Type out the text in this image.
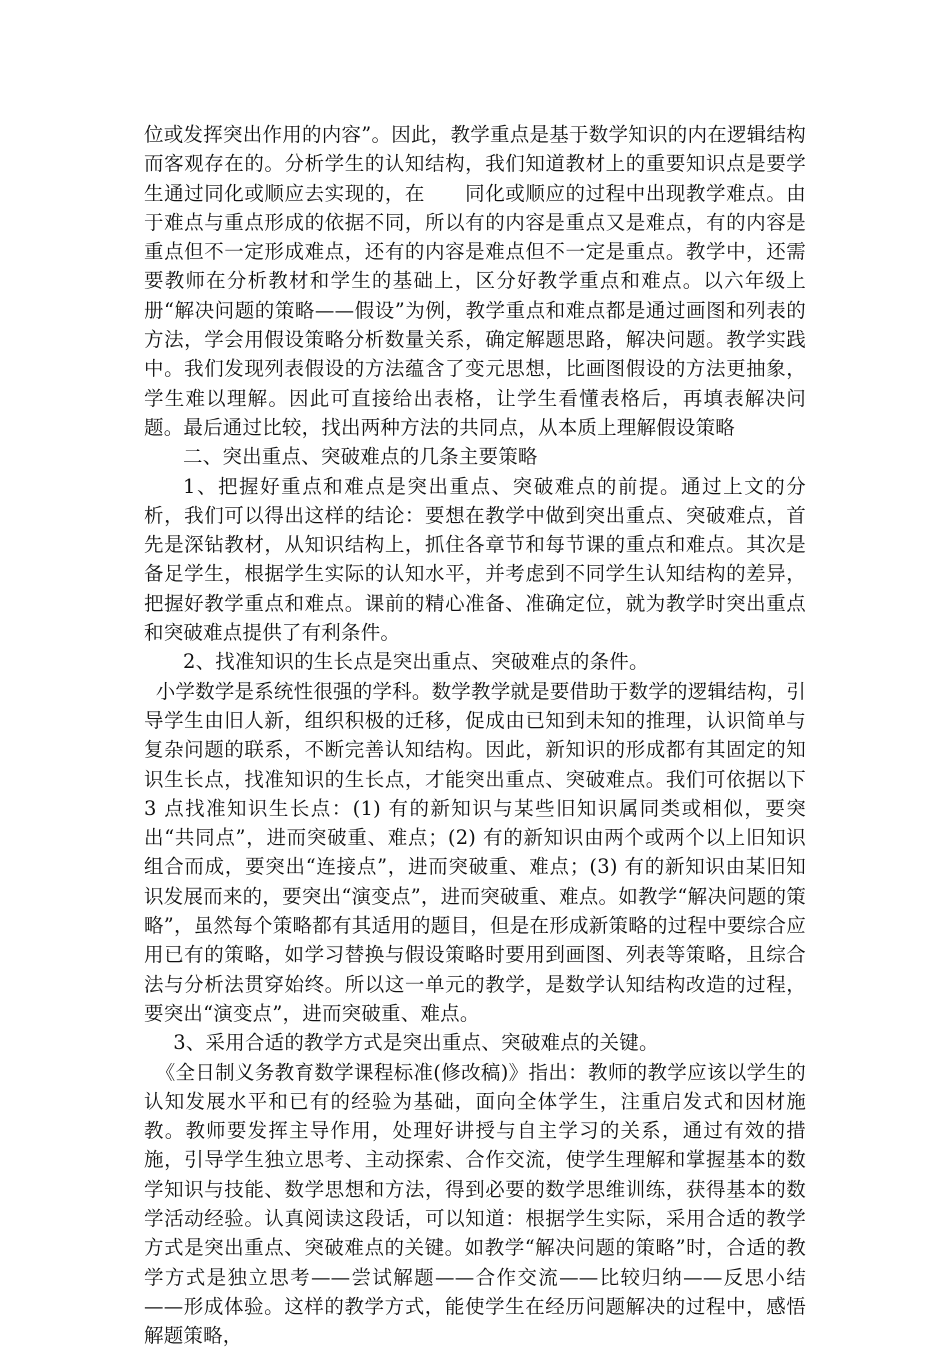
位或发挥突出作用的内容”。因此，教学重点是基于数学知识的内在逻辑结构而客观存在的。分析学生的认知结构，我们知道教材上的重要知识点是要学生通过同化或顺应去实现的，在　　同化或顺应的过程中出现教学难点。由于难点与重点形成的依据不同，所以有的内容是重点又是难点，有的内容是重点但不一定形成难点，还有的内容是难点但不一定是重点。教学中，还需要教师在分析教材和学生的基础上，区分好教学重点和难点。以六年级上册“解决问题的策略——假设”为例，教学重点和难点都是通过画图和列表的方法，学会用假设策略分析数量关系，确定解题思路，解决问题。教学实践中。我们发现列表假设的方法蕴含了变元思想，比画图假设的方法更抽象，学生难以理解。因此可直接给出表格，让学生看懂表格后，再填表解决问题。最后通过比较，找出两种方法的共同点，从本质上理解假设策略

二、突出重点、突破难点的几条主要策略

1、把握好重点和难点是突出重点、突破难点的前提。通过上文的分析，我们可以得出这样的结论：要想在教学中做到突出重点、突破难点，首先是深钻教材，从知识结构上，抓住各章节和每节课的重点和难点。其次是备足学生，根据学生实际的认知水平，并考虑到不同学生认知结构的差异，把握好教学重点和难点。课前的精心准备、准确定位，就为教学时突出重点和突破难点提供了有利条件。

2、找准知识的生长点是突出重点、突破难点的条件。

小学数学是系统性很强的学科。数学教学就是要借助于数学的逻辑结构，引导学生由旧人新，组织积极的迁移，促成由已知到未知的推理，认识简单与复杂问题的联系，不断完善认知结构。因此，新知识的形成都有其固定的知识生长点，找准知识的生长点，才能突出重点、突破难点。我们可依据以下 3 点找准知识生长点：(1) 有的新知识与某些旧知识属同类或相似，要突出“共同点”，进而突破重、难点；(2) 有的新知识由两个或两个以上旧知识组合而成，要突出“连接点”，进而突破重、难点；(3) 有的新知识由某旧知识发展而来的，要突出“演变点”，进而突破重、难点。如教学“解决问题的策略”，虽然每个策略都有其适用的题目，但是在形成新策略的过程中要综合应用已有的策略，如学习替换与假设策略时要用到画图、列表等策略，且综合法与分析法贯穿始终。所以这一单元的教学，是数学认知结构改造的过程，要突出“演变点”，进而突破重、难点。

3、采用合适的教学方式是突出重点、突破难点的关键。

《全日制义务教育数学课程标准(修改稿)》指出：教师的教学应该以学生的认知发展水平和已有的经验为基础，面向全体学生，注重启发式和因材施教。教师要发挥主导作用，处理好讲授与自主学习的关系，通过有效的措施，引导学生独立思考、主动探索、合作交流，使学生理解和掌握基本的数学知识与技能、数学思想和方法，得到必要的数学思维训练，获得基本的数学活动经验。认真阅读这段话，可以知道：根据学生实际，采用合适的教学方式是突出重点、突破难点的关键。如教学“解决问题的策略”时，合适的教学方式是独立思考——尝试解题——合作交流——比较归纳——反思小结——形成体验。这样的教学方式，能使学生在经历问题解决的过程中，感悟解题策略，
